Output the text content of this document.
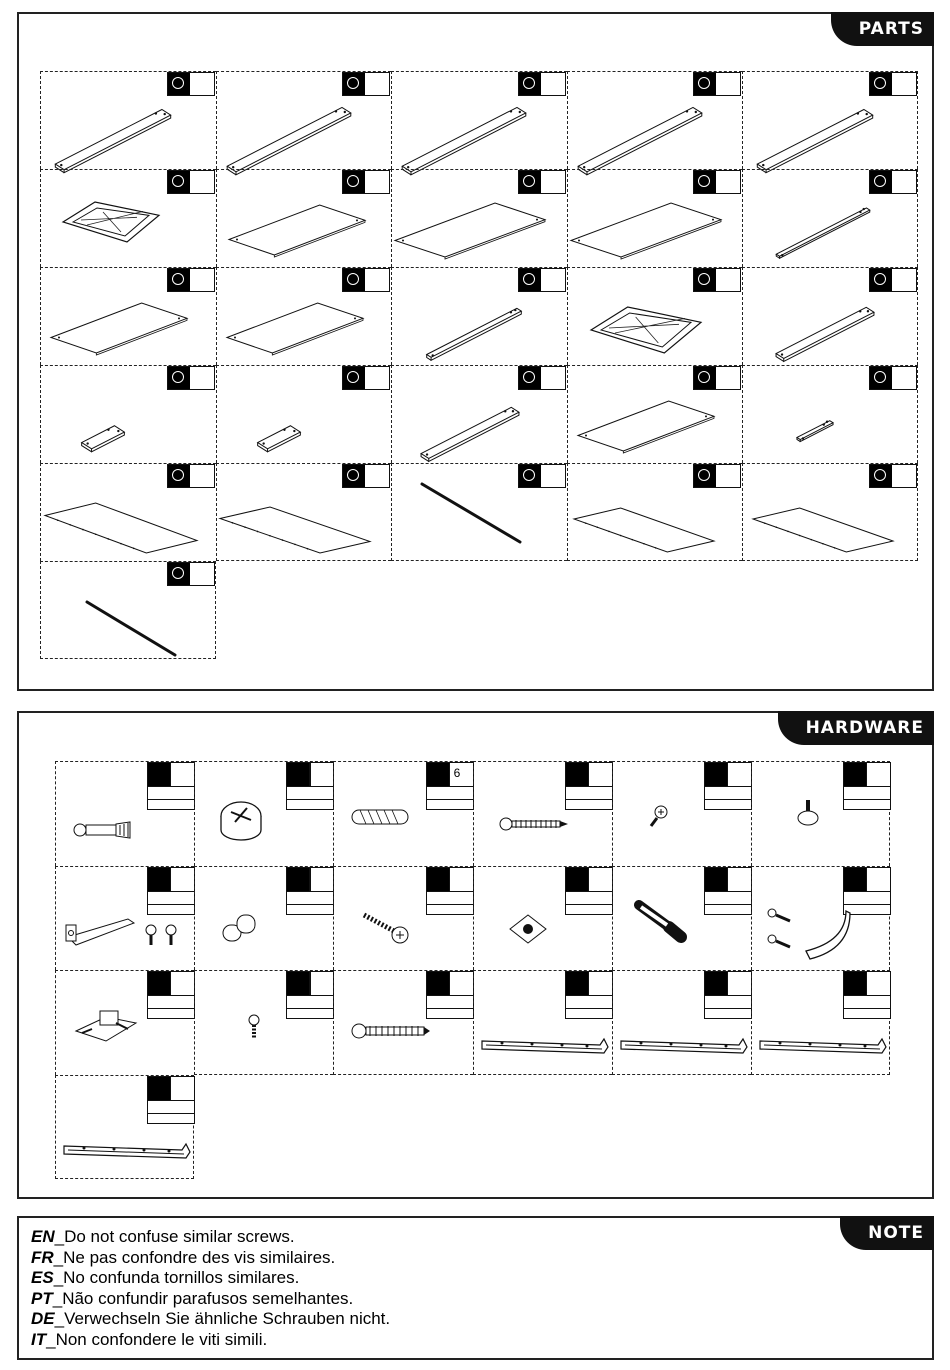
PARTS
HARDWARE
6
NOTE
EN_Do not confuse similar screws.
FR_Ne pas confondre des vis similaires.
ES_No confunda tornillos similares.
PT_Não confundir parafusos semelhantes.
DE_Verwechseln Sie ähnliche Schrauben nicht.
IT_Non confondere le viti simili.
